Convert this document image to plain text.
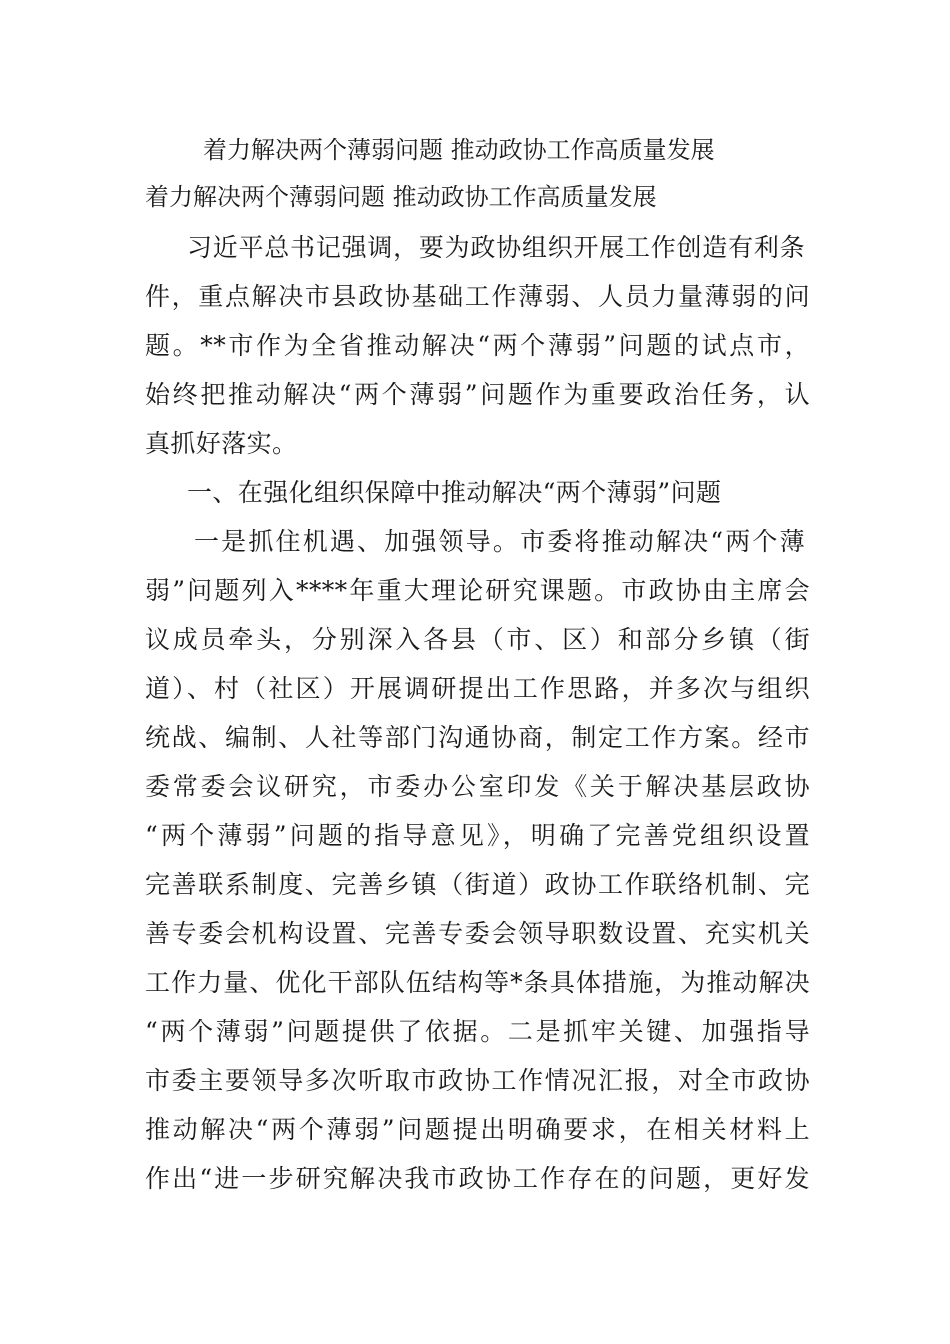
着力解决两个薄弱问题 推动政协工作高质量发展
着力解决两个薄弱问题 推动政协工作高质量发展
习近平总书记强调，要为政协组织开展工作创造有利条
件，重点解决市县政协基础工作薄弱、人员力量薄弱的问
题。**市作为全省推动解决“两个薄弱”问题的试点市，
始终把推动解决“两个薄弱”问题作为重要政治任务，认
真抓好落实。
一、在强化组织保障中推动解决“两个薄弱”问题
一是抓住机遇、加强领导。市委将推动解决“两个薄
弱”问题列入****年重大理论研究课题。市政协由主席会
议成员牵头，分别深入各县（市、区）和部分乡镇（街
道）、村（社区）开展调研提出工作思路，并多次与组织
统战、编制、人社等部门沟通协商，制定工作方案。经市
委常委会议研究，市委办公室印发《关于解决基层政协
“两个薄弱”问题的指导意见》，明确了完善党组织设置
完善联系制度、完善乡镇（街道）政协工作联络机制、完
善专委会机构设置、完善专委会领导职数设置、充实机关
工作力量、优化干部队伍结构等*条具体措施，为推动解决
“两个薄弱”问题提供了依据。二是抓牢关键、加强指导
市委主要领导多次听取市政协工作情况汇报，对全市政协
推动解决“两个薄弱”问题提出明确要求，在相关材料上
作出“进一步研究解决我市政协工作存在的问题，更好发
